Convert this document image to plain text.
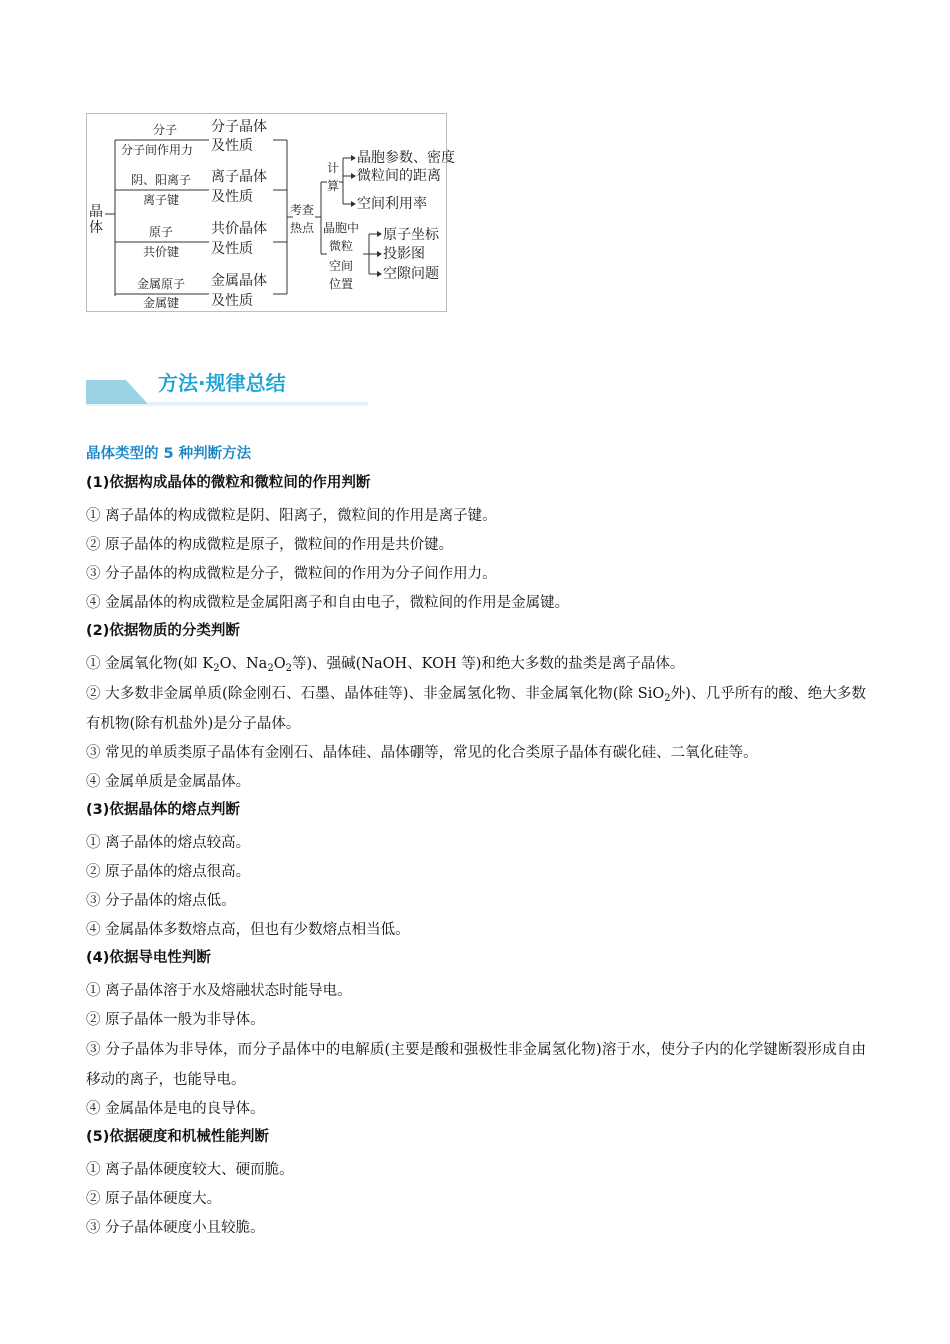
晶体
分子
分子间作用力
分子晶体
及性质
阴、阳离子
离子键
离子晶体
及性质
原子
共价键
共价晶体
及性质
金属原子
金属键
金属晶体
及性质
考查
热点
计
算
晶胞参数、密度
微粒间的距离
空间利用率
晶胞中
微粒
空间
位置
原子坐标
投影图
空隙问题
方法·规律总结
晶体类型的 5 种判断方法
(1)依据构成晶体的微粒和微粒间的作用判断
① 离子晶体的构成微粒是阴、阳离子，微粒间的作用是离子键。
② 原子晶体的构成微粒是原子，微粒间的作用是共价键。
③ 分子晶体的构成微粒是分子，微粒间的作用为分子间作用力。
④ 金属晶体的构成微粒是金属阳离子和自由电子，微粒间的作用是金属键。
(2)依据物质的分类判断
① 金属氧化物(如 $K_2O$、$Na_2O_2$等)、强碱(NaOH、KOH 等)和绝大多数的盐类是离子晶体。
② 大多数非金属单质(除金刚石、石墨、晶体硅等)、非金属氢化物、非金属氧化物(除 SiO$_2$外)、几乎所有的酸、绝大多数有机物(除有机盐外)是分子晶体。
③ 常见的单质类原子晶体有金刚石、晶体硅、晶体硼等，常见的化合类原子晶体有碳化硅、二氧化硅等。
④ 金属单质是金属晶体。
(3)依据晶体的熔点判断
① 离子晶体的熔点较高。
② 原子晶体的熔点很高。
③ 分子晶体的熔点低。
④ 金属晶体多数熔点高，但也有少数熔点相当低。
(4)依据导电性判断
① 离子晶体溶于水及熔融状态时能导电。
② 原子晶体一般为非导体。
③ 分子晶体为非导体，而分子晶体中的电解质(主要是酸和强极性非金属氢化物)溶于水，使分子内的化学键断裂形成自由移动的离子，也能导电。
④ 金属晶体是电的良导体。
(5)依据硬度和机械性能判断
① 离子晶体硬度较大、硬而脆。
② 原子晶体硬度大。
③ 分子晶体硬度小且较脆。
